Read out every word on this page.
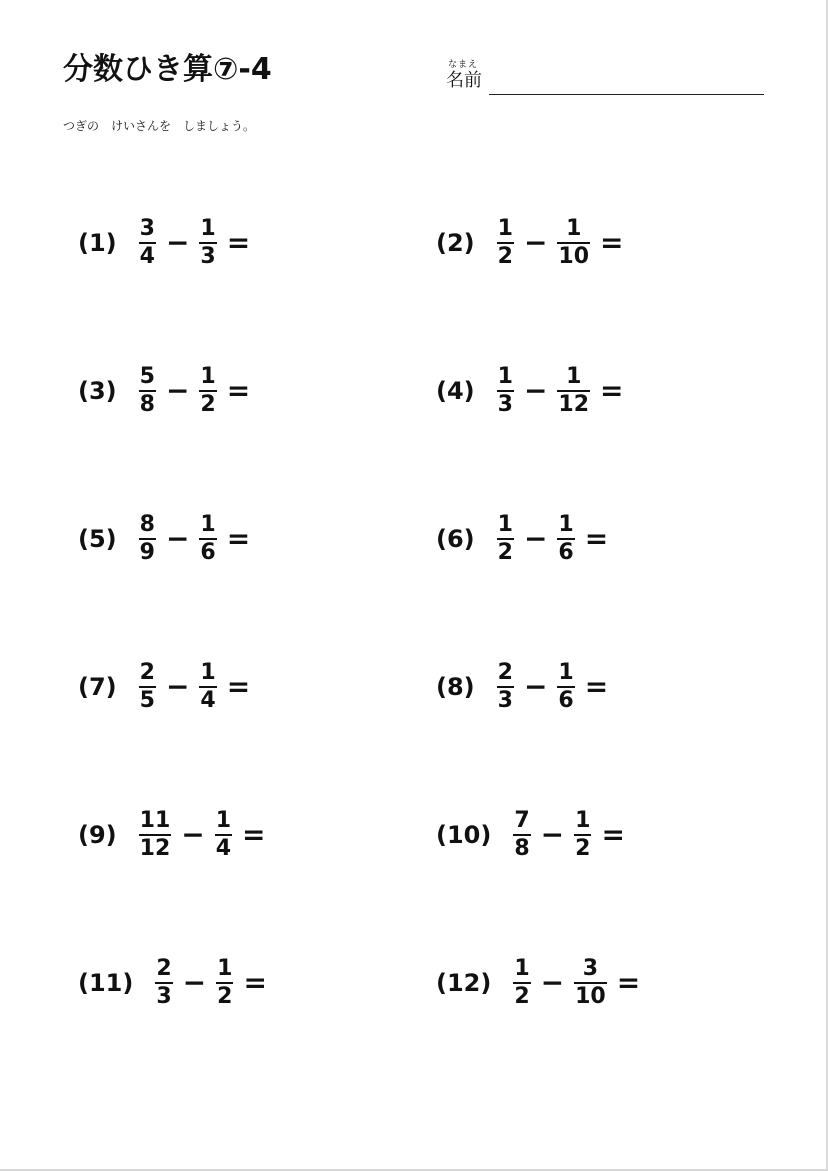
分数ひき算⑦-4	なまえ
名前
つぎの　けいさんを　しましょう。
$(1) \frac{3}{4} - \frac{1}{3}$ =	$(2) \frac{1}{2} - \frac{1}{10}$ =
$(3) \frac{5}{8} - \frac{1}{2}$ =	$(4) \frac{1}{3} - \frac{1}{12}$ =
$(5) \frac{8}{9} - \frac{1}{6}$ =	$(6) \frac{1}{2} - \frac{1}{6}$ =
$(7) \frac{2}{5} - \frac{1}{4}$ =	$(8) \frac{2}{3} - \frac{1}{6}$ =
$(9) \frac{11}{12} - \frac{1}{4}$ =	$(10) \frac{7}{8} - \frac{1}{2}$ =
$(11) \frac{2}{3} - \frac{1}{2}$ =	$(12) \frac{1}{2} - \frac{3}{10}$ =
